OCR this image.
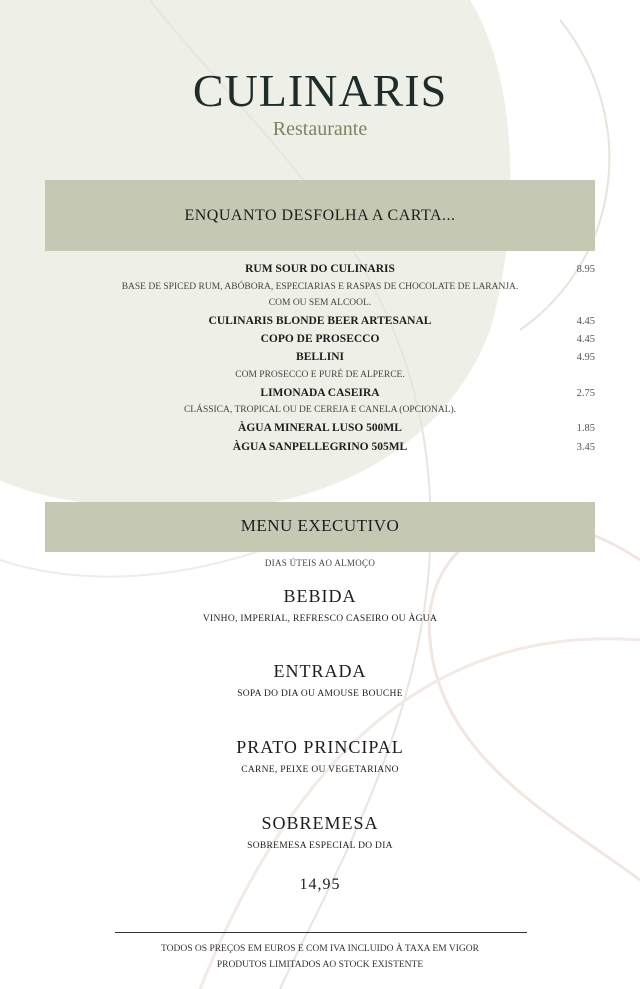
CULINARIS
Restaurante
ENQUANTO DESFOLHA A CARTA...
RUM SOUR DO CULINARIS	8.95
BASE DE SPICED RUM, ABÓBORA, ESPECIARIAS E RASPAS DE CHOCOLATE DE LARANJA.
COM OU SEM ALCOOL.
CULINARIS BLONDE BEER ARTESANAL	4.45
COPO DE PROSECCO	4.45
BELLINI	4.95
COM PROSECCO E PURÉ DE ALPERCE.
LIMONADA CASEIRA	2.75
CLÁSSICA, TROPICAL OU DE CEREJA E CANELA (OPCIONAL).
ÀGUA MINERAL LUSO 500ML	1.85
ÀGUA SANPELLEGRINO 505ML	3.45
MENU EXECUTIVO
DIAS ÚTEIS AO ALMOÇO
BEBIDA
VINHO, IMPERIAL, REFRESCO CASEIRO OU ÀGUA
ENTRADA
SOPA DO DIA OU AMOUSE BOUCHE
PRATO PRINCIPAL
CARNE, PEIXE OU VEGETARIANO
SOBREMESA
SOBREMESA ESPECIAL DO DIA
14,95
TODOS OS PREÇOS EM EUROS E COM IVA INCLUIDO À TAXA EM VIGOR
PRODUTOS LIMITADOS AO STOCK EXISTENTE
